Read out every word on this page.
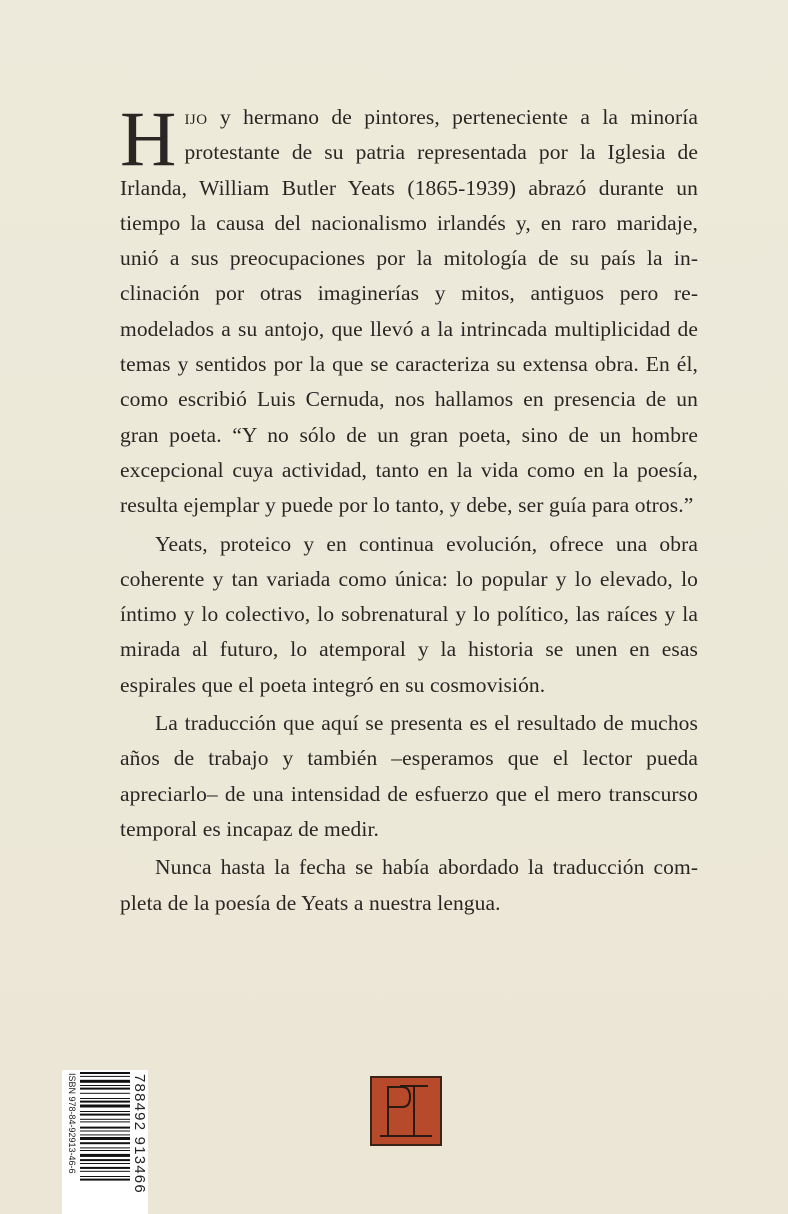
Hijo y hermano de pintores, perteneciente a la minoría protestante de su patria representada por la Iglesia de Irlanda, William Butler Yeats (1865-1939) abrazó durante un tiempo la causa del nacionalismo irlandés y, en raro maridaje, unió a sus preocupaciones por la mitología de su país la inclinación por otras imaginerías y mitos, antiguos pero remodelados a su antojo, que llevó a la intrincada multiplicidad de temas y sentidos por la que se caracteriza su extensa obra. En él, como escribió Luis Cernuda, nos hallamos en presencia de un gran poeta. “Y no sólo de un gran poeta, sino de un hombre excepcional cuya actividad, tanto en la vida como en la poesía, resulta ejemplar y puede por lo tanto, y debe, ser guía para otros.”

Yeats, proteico y en continua evolución, ofrece una obra coherente y tan variada como única: lo popular y lo elevado, lo íntimo y lo colectivo, lo sobrenatural y lo político, las raíces y la mirada al futuro, lo atemporal y la historia se unen en esas espirales que el poeta integró en su cosmovisión.

La traducción que aquí se presenta es el resultado de muchos años de trabajo y también –esperamos que el lector pueda apreciarlo– de una intensidad de esfuerzo que el mero transcurso temporal es incapaz de medir.

Nunca hasta la fecha se había abordado la traducción completa de la poesía de Yeats a nuestra lengua.

ISBN 978-84-92913-46-6	788492 913466
